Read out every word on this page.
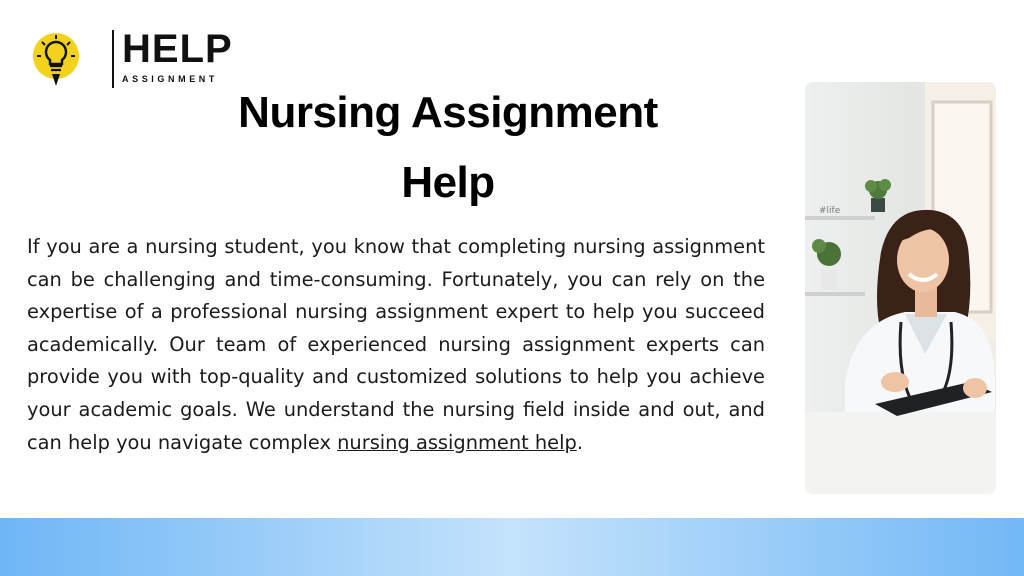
HELP
ASSIGNMENT
Nursing Assignment
Help
If you are a nursing student, you know that completing nursing assignment can be challenging and time-consuming. Fortunately, you can rely on the expertise of a professional nursing assignment expert to help you succeed academically. Our team of experienced nursing assignment experts can provide you with top-quality and customized solutions to help you achieve your academic goals. We understand the nursing field inside and out, and can help you navigate complex nursing assignment help.
#life
